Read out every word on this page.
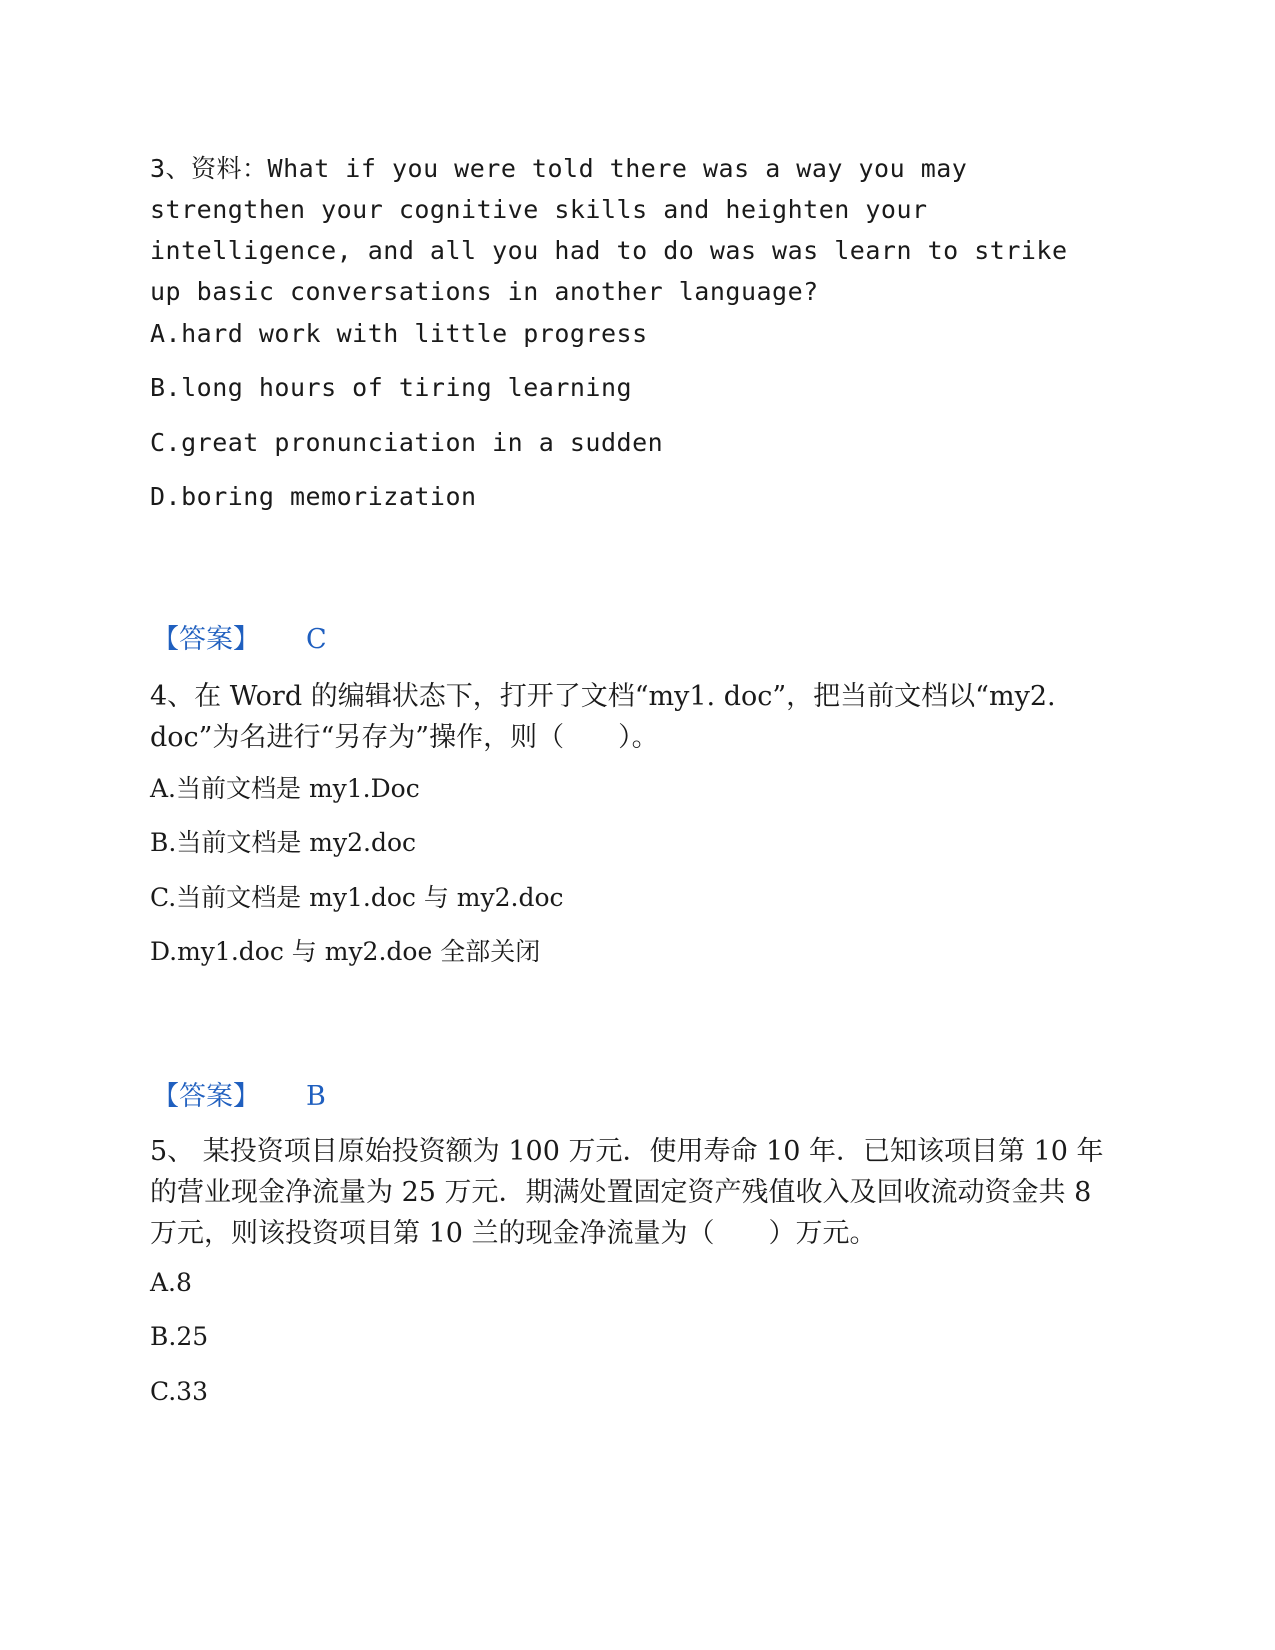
3、资料：What if you were told there was a way you may strengthen your cognitive skills and heighten your intelligence, and all you had to do was was learn to strike up basic conversations in another language?
A.hard work with little progress
B.long hours of tiring learning
C.great pronunciation in a sudden
D.boring memorization
【答案】 C
4、在 Word 的编辑状态下，打开了文档“my1. doc”，把当前文档以“my2. doc”为名进行“另存为”操作，则（　　）。
A.当前文档是 my1.Doc
B.当前文档是 my2.doc
C.当前文档是 my1.doc 与 my2.doc
D.my1.doc 与 my2.doe 全部关闭
【答案】 B
5、 某投资项目原始投资额为 100 万元．使用寿命 10 年．已知该项目第 10 年的营业现金净流量为 25 万元．期满处置固定资产残值收入及回收流动资金共 8 万元，则该投资项目第 10 兰的现金净流量为（　　）万元。
A.8
B.25
C.33
